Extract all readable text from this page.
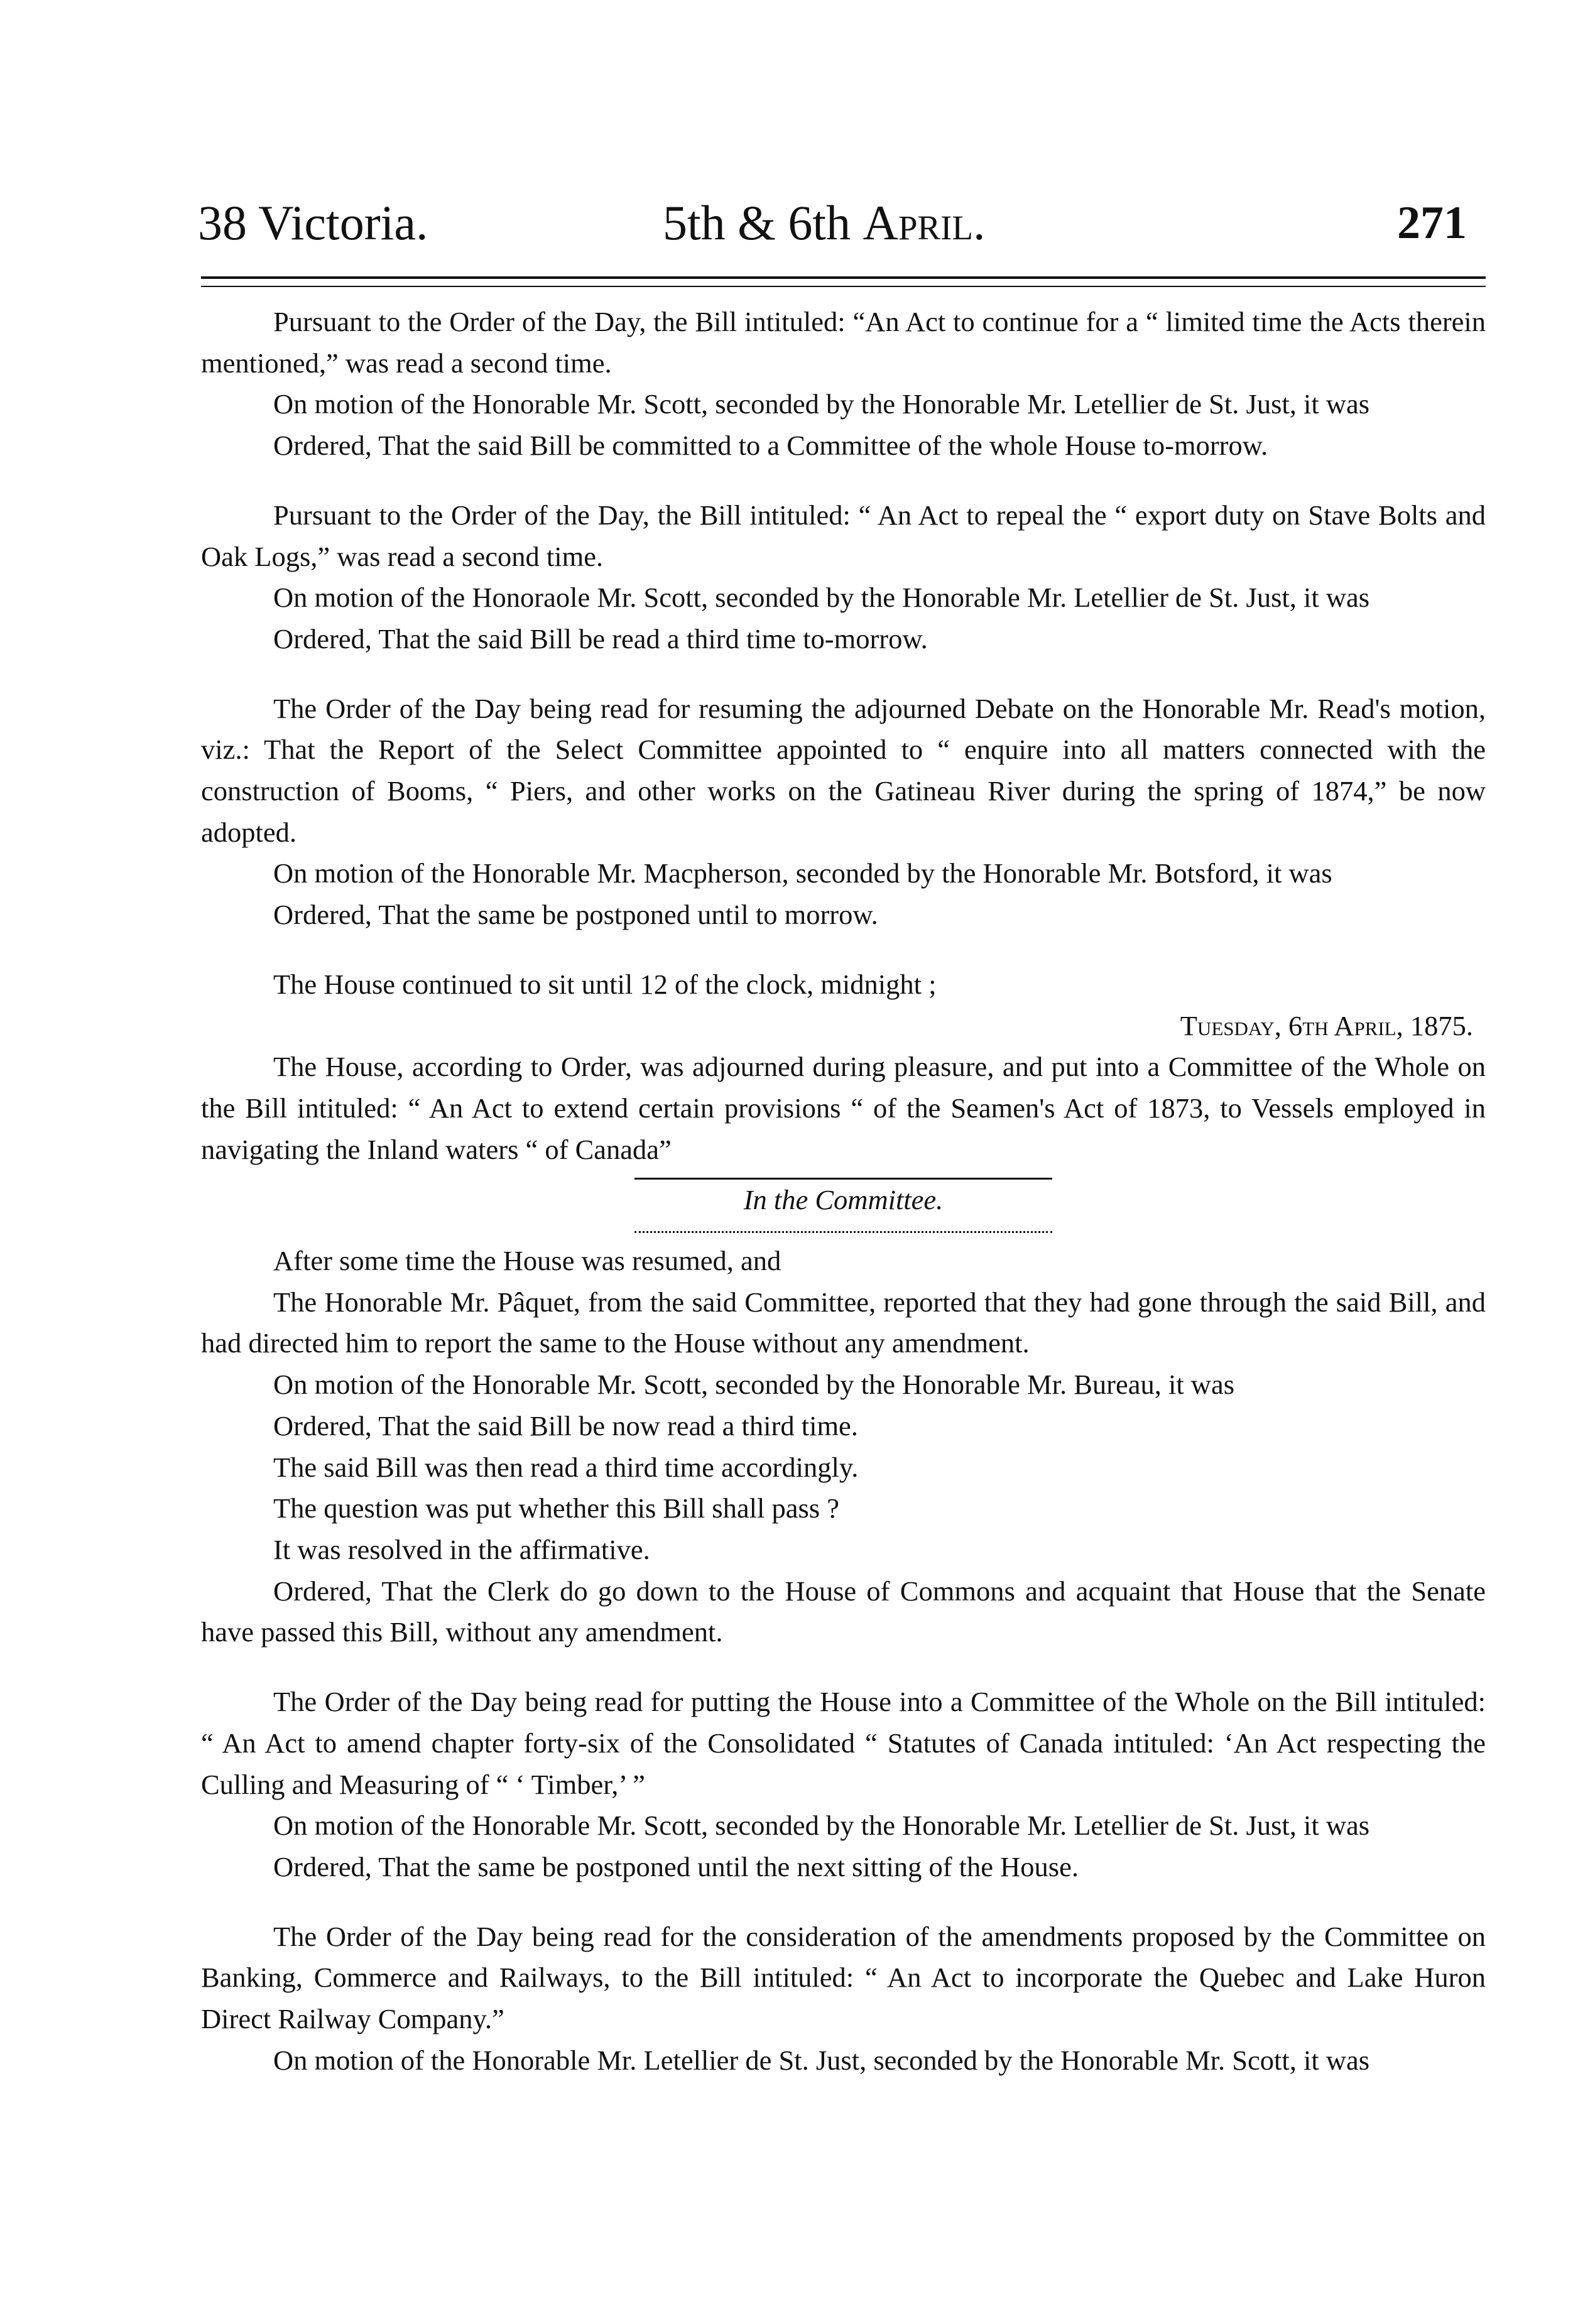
38 Victoria.	5th & 6th April.	271

Pursuant to the Order of the Day, the Bill intituled: “An Act to continue for a “ limited time the Acts therein mentioned,” was read a second time.

On motion of the Honorable Mr. Scott, seconded by the Honorable Mr. Letellier de St. Just, it was

Ordered, That the said Bill be committed to a Committee of the whole House to-morrow.

Pursuant to the Order of the Day, the Bill intituled: “ An Act to repeal the “ export duty on Stave Bolts and Oak Logs,” was read a second time.

On motion of the Honoraole Mr. Scott, seconded by the Honorable Mr. Letellier de St. Just, it was

Ordered, That the said Bill be read a third time to-morrow.

The Order of the Day being read for resuming the adjourned Debate on the Honorable Mr. Read's motion, viz.: That the Report of the Select Committee appointed to “ enquire into all matters connected with the construction of Booms, “ Piers, and other works on the Gatineau River during the spring of 1874,” be now adopted.

On motion of the Honorable Mr. Macpherson, seconded by the Honorable Mr. Botsford, it was

Ordered, That the same be postponed until to morrow.

The House continued to sit until 12 of the clock, midnight ;

Tuesday, 6th April, 1875.

The House, according to Order, was adjourned during pleasure, and put into a Committee of the Whole on the Bill intituled: “ An Act to extend certain provisions “ of the Seamen's Act of 1873, to Vessels employed in navigating the Inland waters “ of Canada”

In the Committee.

After some time the House was resumed, and

The Honorable Mr. Pâquet, from the said Committee, reported that they had gone through the said Bill, and had directed him to report the same to the House without any amendment.

On motion of the Honorable Mr. Scott, seconded by the Honorable Mr. Bureau, it was

Ordered, That the said Bill be now read a third time.

The said Bill was then read a third time accordingly.

The question was put whether this Bill shall pass ?

It was resolved in the affirmative.

Ordered, That the Clerk do go down to the House of Commons and acquaint that House that the Senate have passed this Bill, without any amendment.

The Order of the Day being read for putting the House into a Committee of the Whole on the Bill intituled: “ An Act to amend chapter forty-six of the Consolidated “ Statutes of Canada intituled: ‘An Act respecting the Culling and Measuring of “ ‘ Timber,’ ”

On motion of the Honorable Mr. Scott, seconded by the Honorable Mr. Letellier de St. Just, it was

Ordered, That the same be postponed until the next sitting of the House.

The Order of the Day being read for the consideration of the amendments proposed by the Committee on Banking, Commerce and Railways, to the Bill intituled: “ An Act to incorporate the Quebec and Lake Huron Direct Railway Company.”

On motion of the Honorable Mr. Letellier de St. Just, seconded by the Honorable Mr. Scott, it was
